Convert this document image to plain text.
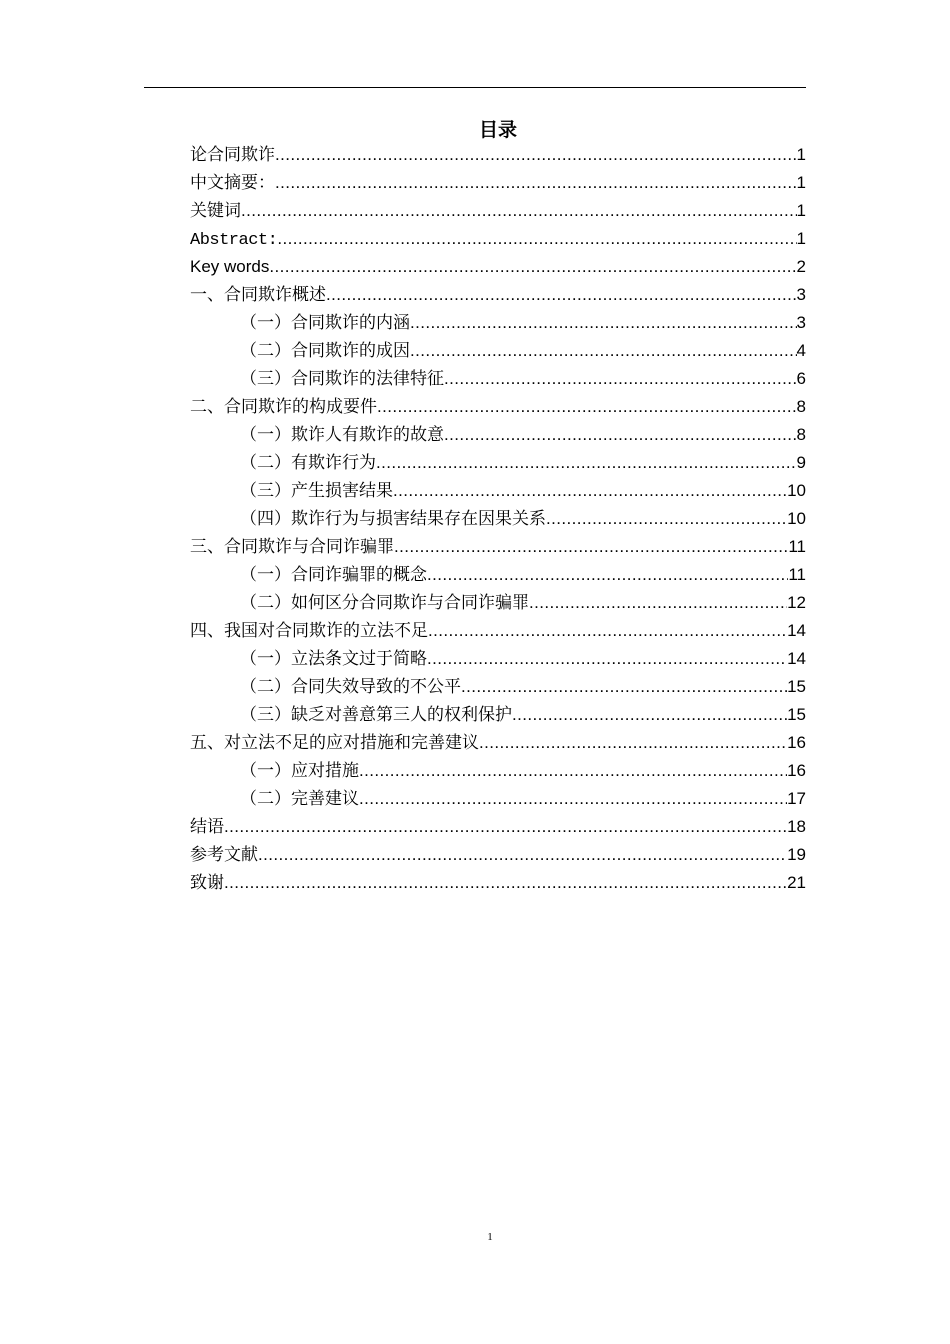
目录
论合同欺诈 .....	1
中文摘要： .....	1
关键词 .....	1
Abstract: .....	1
Key words .....	2
一、合同欺诈概述 .....	3
（一）合同欺诈的内涵 .....	3
（二）合同欺诈的成因 .....	4
（三）合同欺诈的法律特征 .....	6
二、合同欺诈的构成要件 .....	8
（一）欺诈人有欺诈的故意 .....	8
（二）有欺诈行为 .....	9
（三）产生损害结果 .....	10
（四）欺诈行为与损害结果存在因果关系 .....	10
三、合同欺诈与合同诈骗罪 .....	11
（一）合同诈骗罪的概念 .....	11
（二）如何区分合同欺诈与合同诈骗罪 .....	12
四、我国对合同欺诈的立法不足 .....	14
（一）立法条文过于简略 .....	14
（二）合同失效导致的不公平 .....	15
（三）缺乏对善意第三人的权利保护 .....	15
五、对立法不足的应对措施和完善建议 .....	16
（一）应对措施 .....	16
（二）完善建议 .....	17
结语 .....	18
参考文献 .....	19
致谢 .....	21
1
